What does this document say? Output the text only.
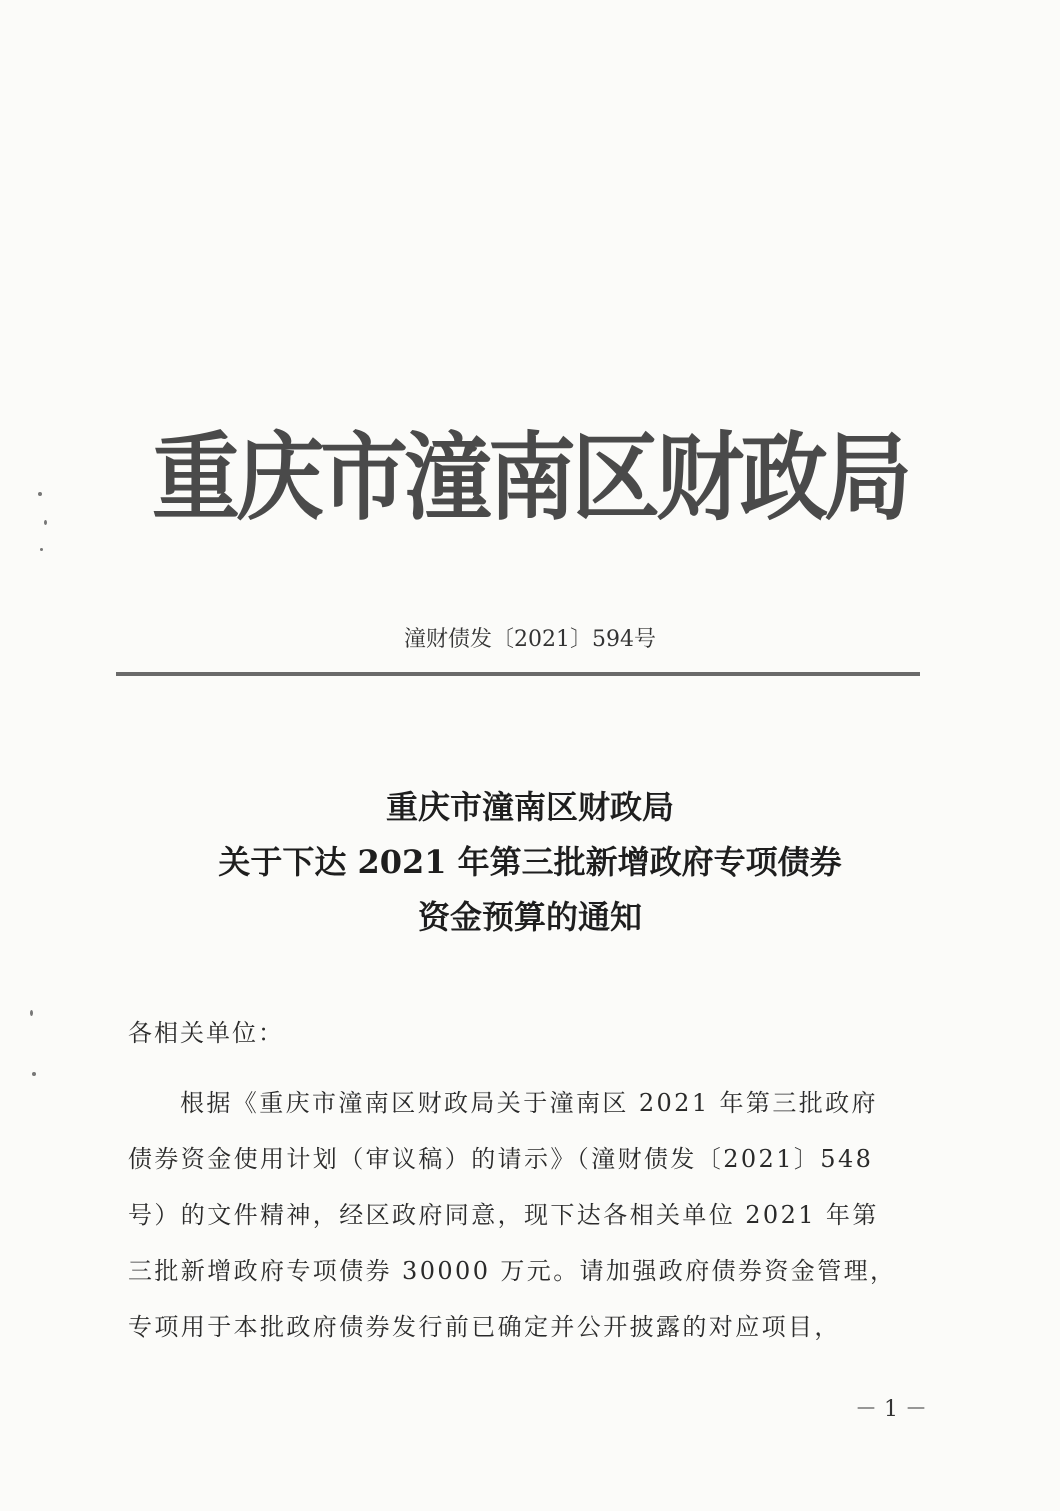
重庆市潼南区财政局
潼财债发〔2021〕594号
重庆市潼南区财政局
关于下达 2021 年第三批新增政府专项债券
资金预算的通知
各相关单位：
根据《重庆市潼南区财政局关于潼南区 2021 年第三批政府
债券资金使用计划（审议稿）的请示》（潼财债发〔2021〕548
号）的文件精神，经区政府同意，现下达各相关单位 2021 年第
三批新增政府专项债券 30000 万元。请加强政府债券资金管理，
专项用于本批政府债券发行前已确定并公开披露的对应项目，
－ 1 －
